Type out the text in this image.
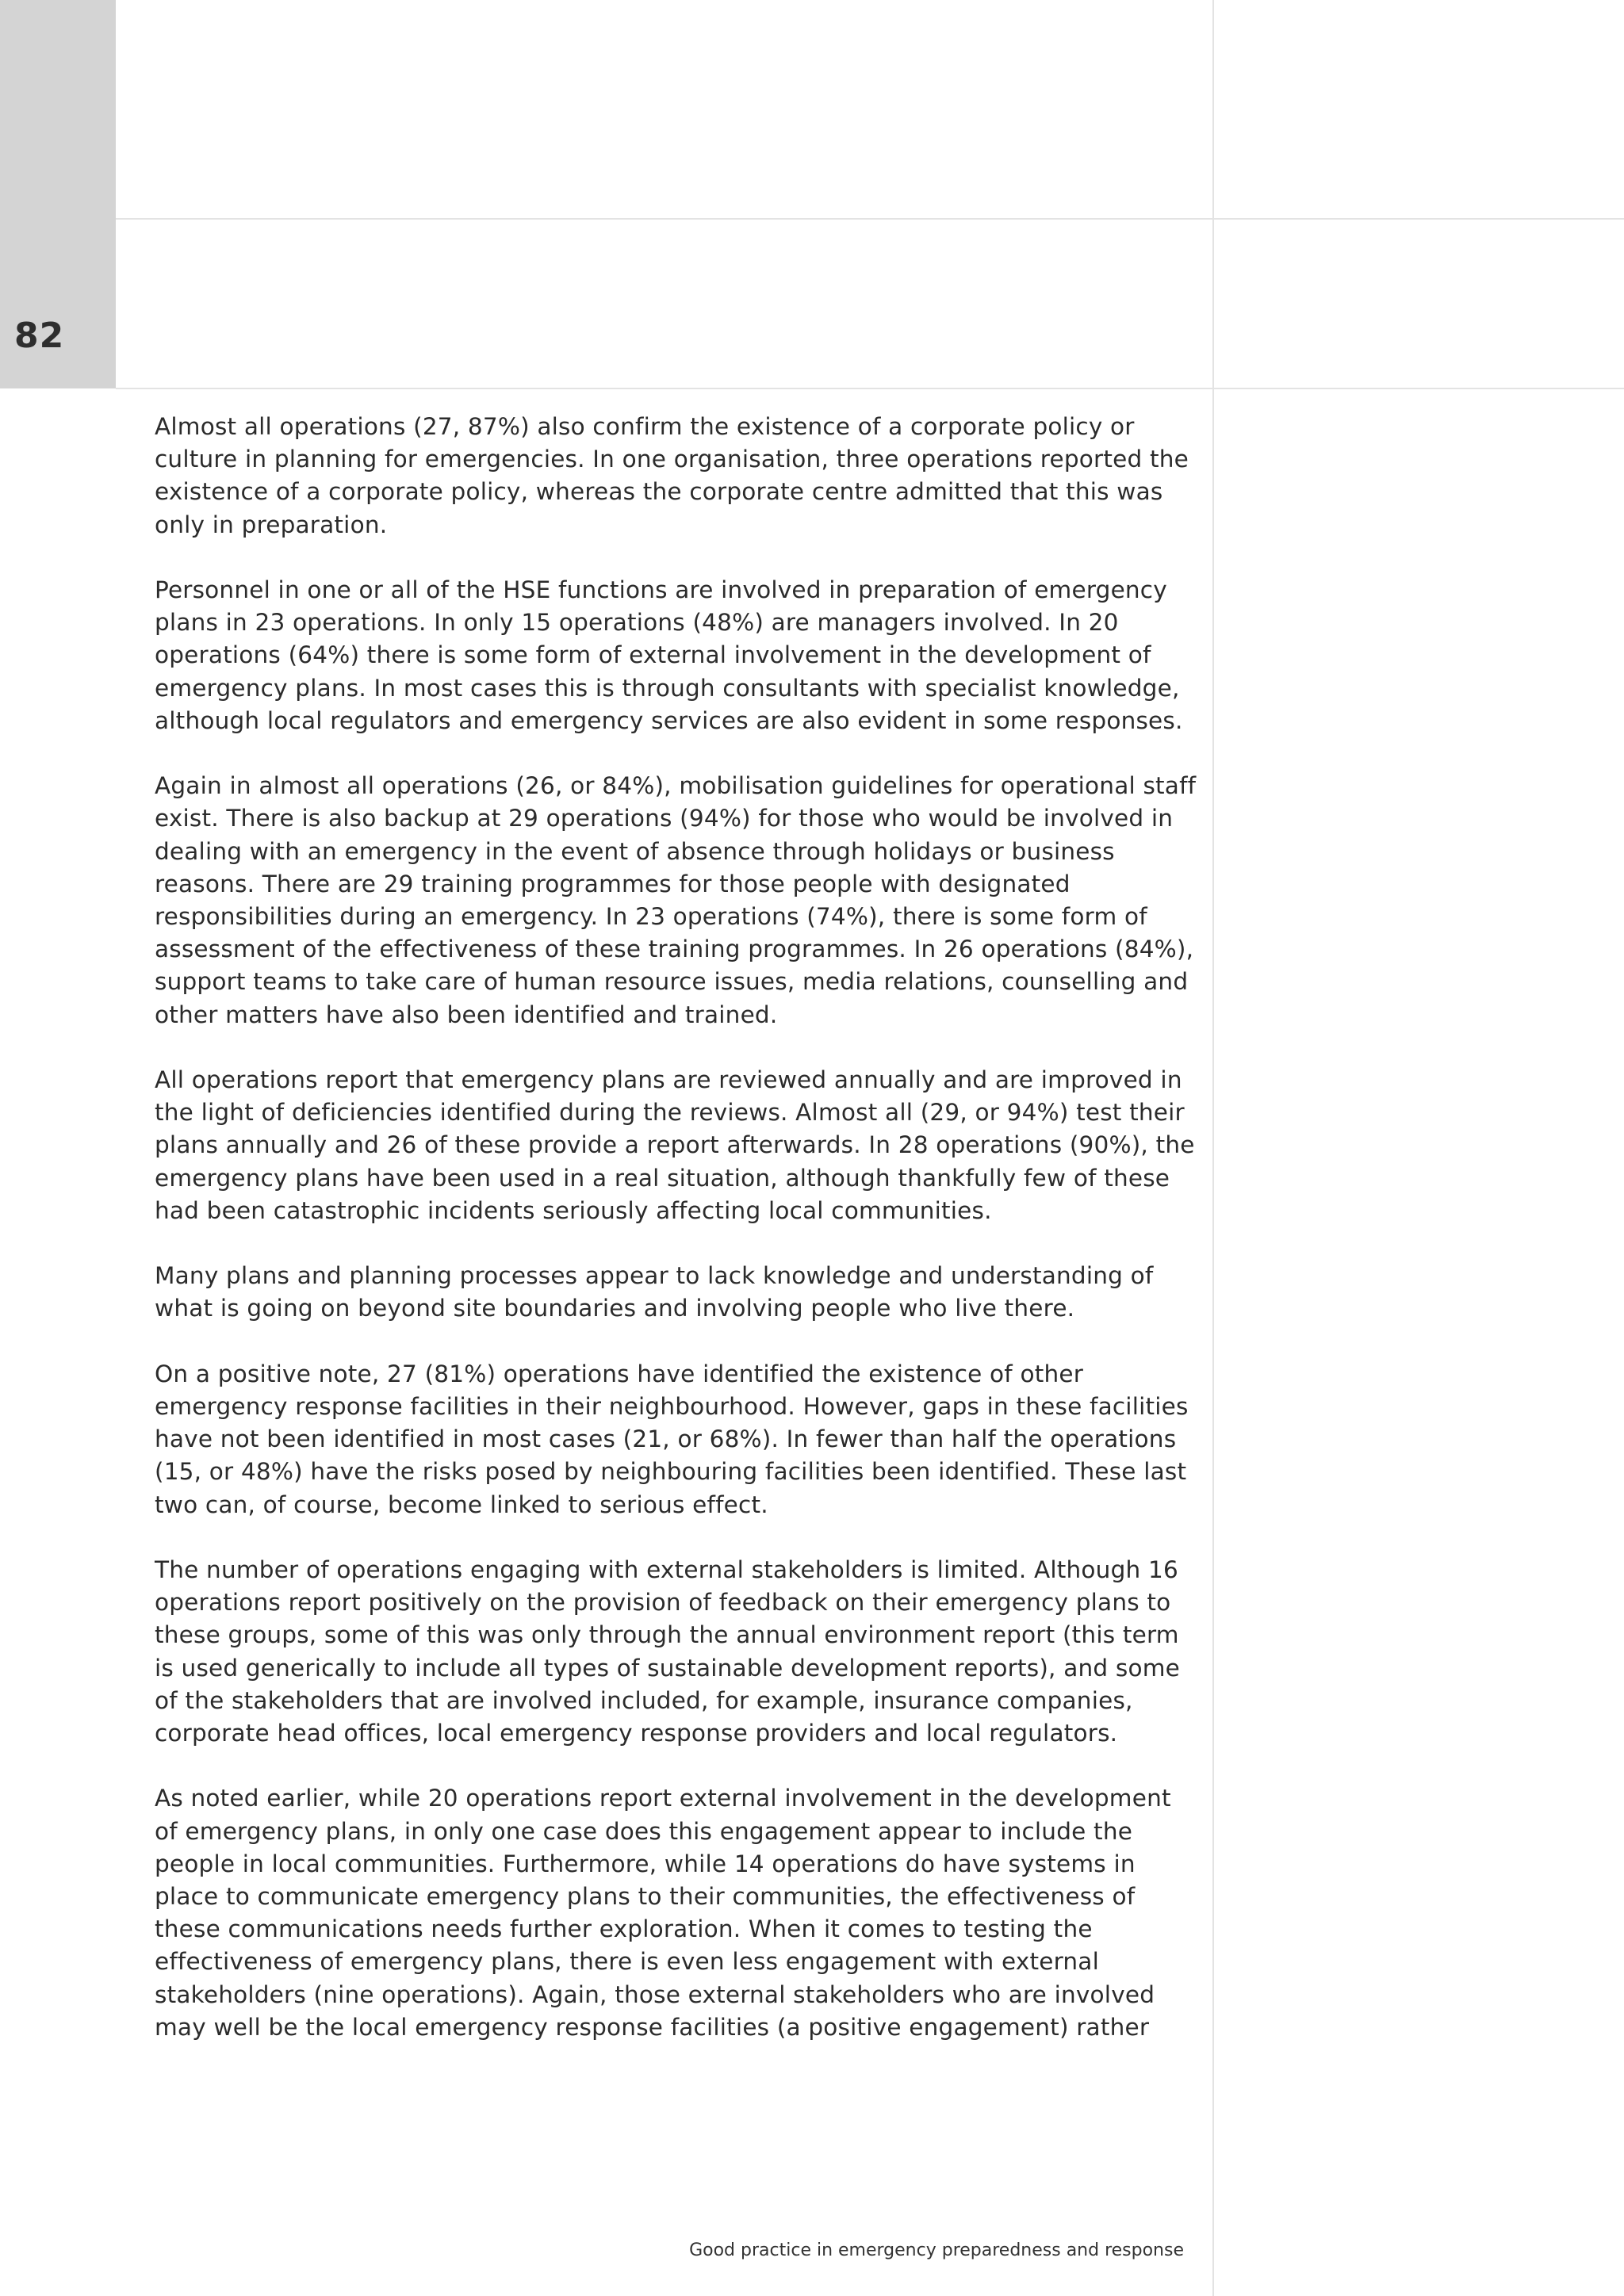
82

Almost all operations (27, 87%) also confirm the existence of a corporate policy or culture in planning for emergencies. In one organisation, three operations reported the existence of a corporate policy, whereas the corporate centre admitted that this was only in preparation.

Personnel in one or all of the HSE functions are involved in preparation of emergency plans in 23 operations. In only 15 operations (48%) are managers involved. In 20 operations (64%) there is some form of external involvement in the development of emergency plans. In most cases this is through consultants with specialist knowledge, although local regulators and emergency services are also evident in some responses.

Again in almost all operations (26, or 84%), mobilisation guidelines for operational staff exist. There is also backup at 29 operations (94%) for those who would be involved in dealing with an emergency in the event of absence through holidays or business reasons. There are 29 training programmes for those people with designated responsibilities during an emergency. In 23 operations (74%), there is some form of assessment of the effectiveness of these training programmes. In 26 operations (84%), support teams to take care of human resource issues, media relations, counselling and other matters have also been identified and trained.

All operations report that emergency plans are reviewed annually and are improved in the light of deficiencies identified during the reviews. Almost all (29, or 94%) test their plans annually and 26 of these provide a report afterwards. In 28 operations (90%), the emergency plans have been used in a real situation, although thankfully few of these had been catastrophic incidents seriously affecting local communities.

Many plans and planning processes appear to lack knowledge and understanding of what is going on beyond site boundaries and involving people who live there.

On a positive note, 27 (81%) operations have identified the existence of other emergency response facilities in their neighbourhood. However, gaps in these facilities have not been identified in most cases (21, or 68%). In fewer than half the operations (15, or 48%) have the risks posed by neighbouring facilities been identified. These last two can, of course, become linked to serious effect.

The number of operations engaging with external stakeholders is limited. Although 16 operations report positively on the provision of feedback on their emergency plans to these groups, some of this was only through the annual environment report (this term is used generically to include all types of sustainable development reports), and some of the stakeholders that are involved included, for example, insurance companies, corporate head offices, local emergency response providers and local regulators.

As noted earlier, while 20 operations report external involvement in the development of emergency plans, in only one case does this engagement appear to include the people in local communities. Furthermore, while 14 operations do have systems in place to communicate emergency plans to their communities, the effectiveness of these communications needs further exploration. When it comes to testing the effectiveness of emergency plans, there is even less engagement with external stakeholders (nine operations). Again, those external stakeholders who are involved may well be the local emergency response facilities (a positive engagement) rather

Good practice in emergency preparedness and response
